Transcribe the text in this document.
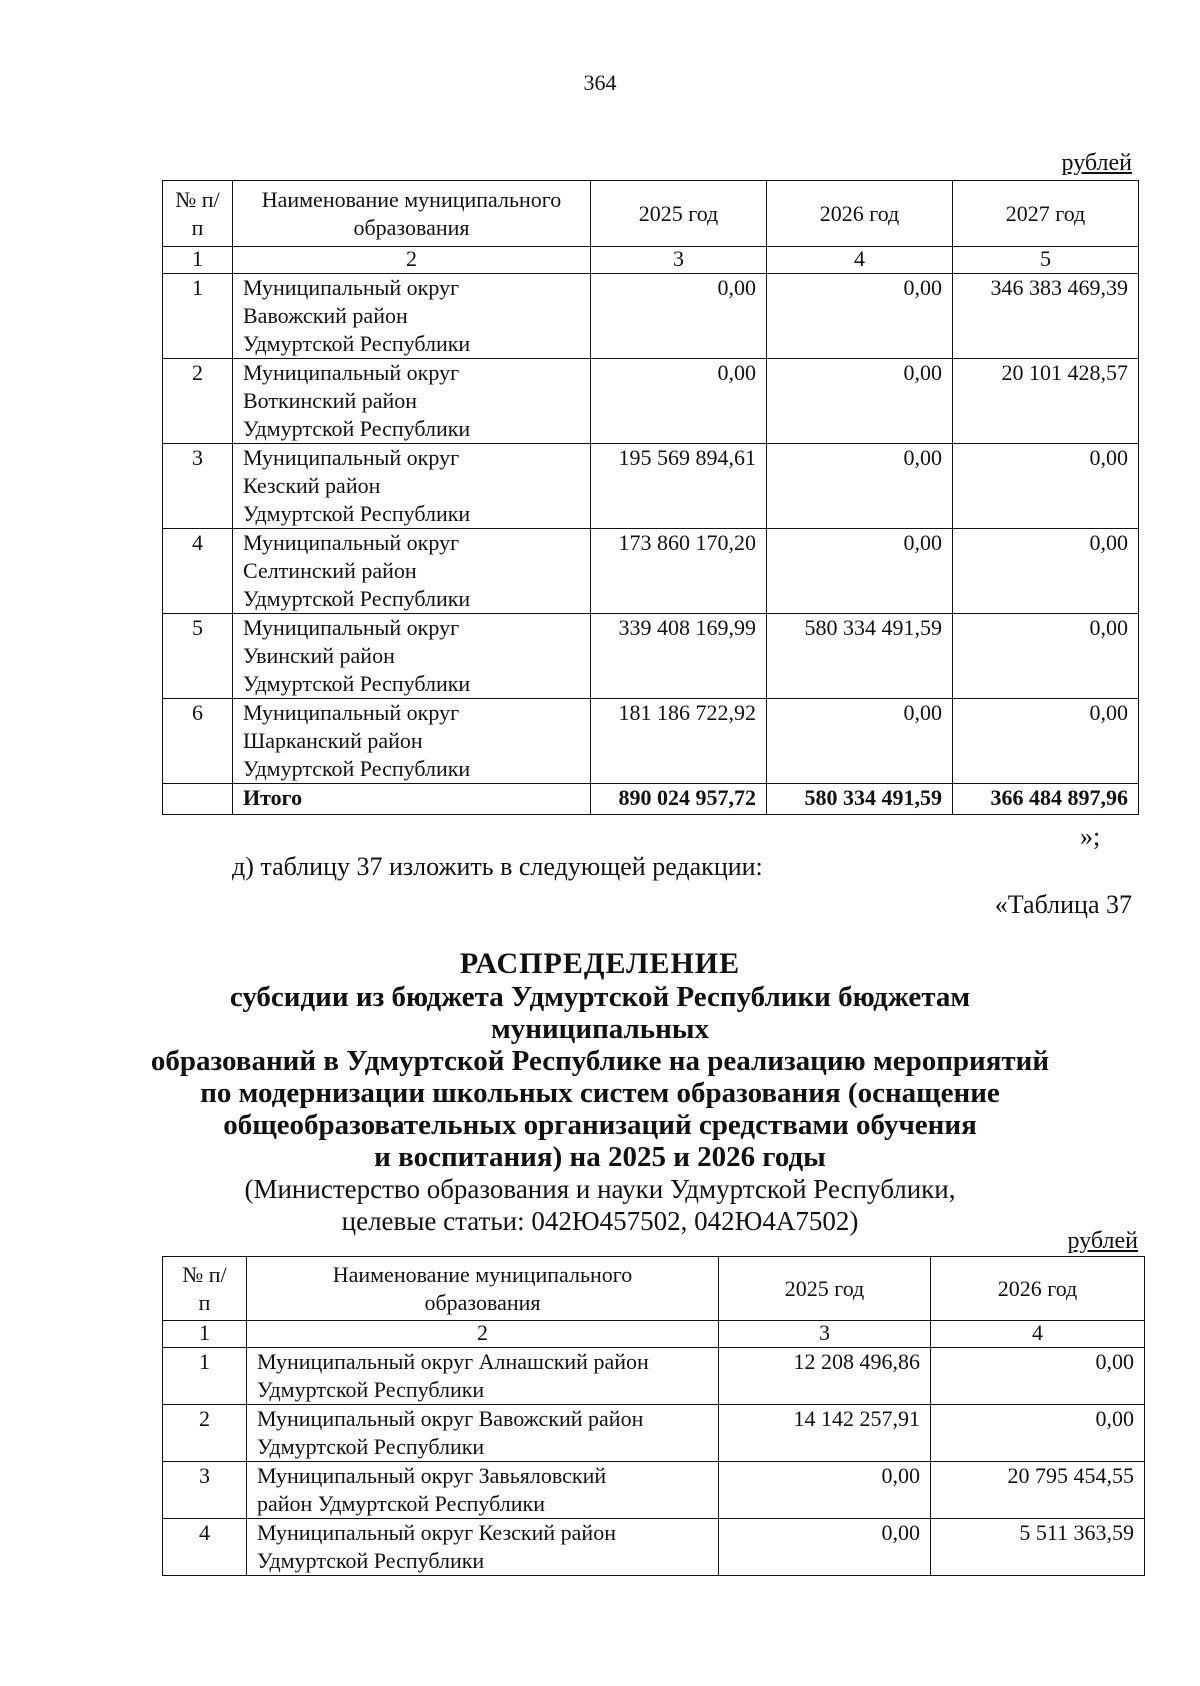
364
рублей
№ п/п	Наименование муниципального образования	2025 год	2026 год	2027 год
1	2	3	4	5
1	Муниципальный округ
Вавожский район
Удмуртской Республики	0,00	0,00	346 383 469,39
2	Муниципальный округ
Воткинский район
Удмуртской Республики	0,00	0,00	20 101 428,57
3	Муниципальный округ
Кезский район
Удмуртской Республики	195 569 894,61	0,00	0,00
4	Муниципальный округ
Селтинский район
Удмуртской Республики	173 860 170,20	0,00	0,00
5	Муниципальный округ
Увинский район
Удмуртской Республики	339 408 169,99	580 334 491,59	0,00
6	Муниципальный округ
Шарканский район
Удмуртской Республики	181 186 722,92	0,00	0,00
	Итого	890 024 957,72	580 334 491,59	366 484 897,96
»;
д) таблицу 37 изложить в следующей редакции:
«Таблица 37
РАСПРЕДЕЛЕНИЕ
субсидии из бюджета Удмуртской Республики бюджетам муниципальных
образований в Удмуртской Республике на реализацию мероприятий
по модернизации школьных систем образования (оснащение
общеобразовательных организаций средствами обучения
и воспитания) на 2025 и 2026 годы
(Министерство образования и науки Удмуртской Республики,
целевые статьи: 042Ю457502, 042Ю4А7502)
рублей
№ п/п	Наименование муниципального образования	2025 год	2026 год
1	2	3	4
1	Муниципальный округ Алнашский район
Удмуртской Республики	12 208 496,86	0,00
2	Муниципальный округ Вавожский район
Удмуртской Республики	14 142 257,91	0,00
3	Муниципальный округ Завьяловский
район Удмуртской Республики	0,00	20 795 454,55
4	Муниципальный округ Кезский район
Удмуртской Республики	0,00	5 511 363,59
